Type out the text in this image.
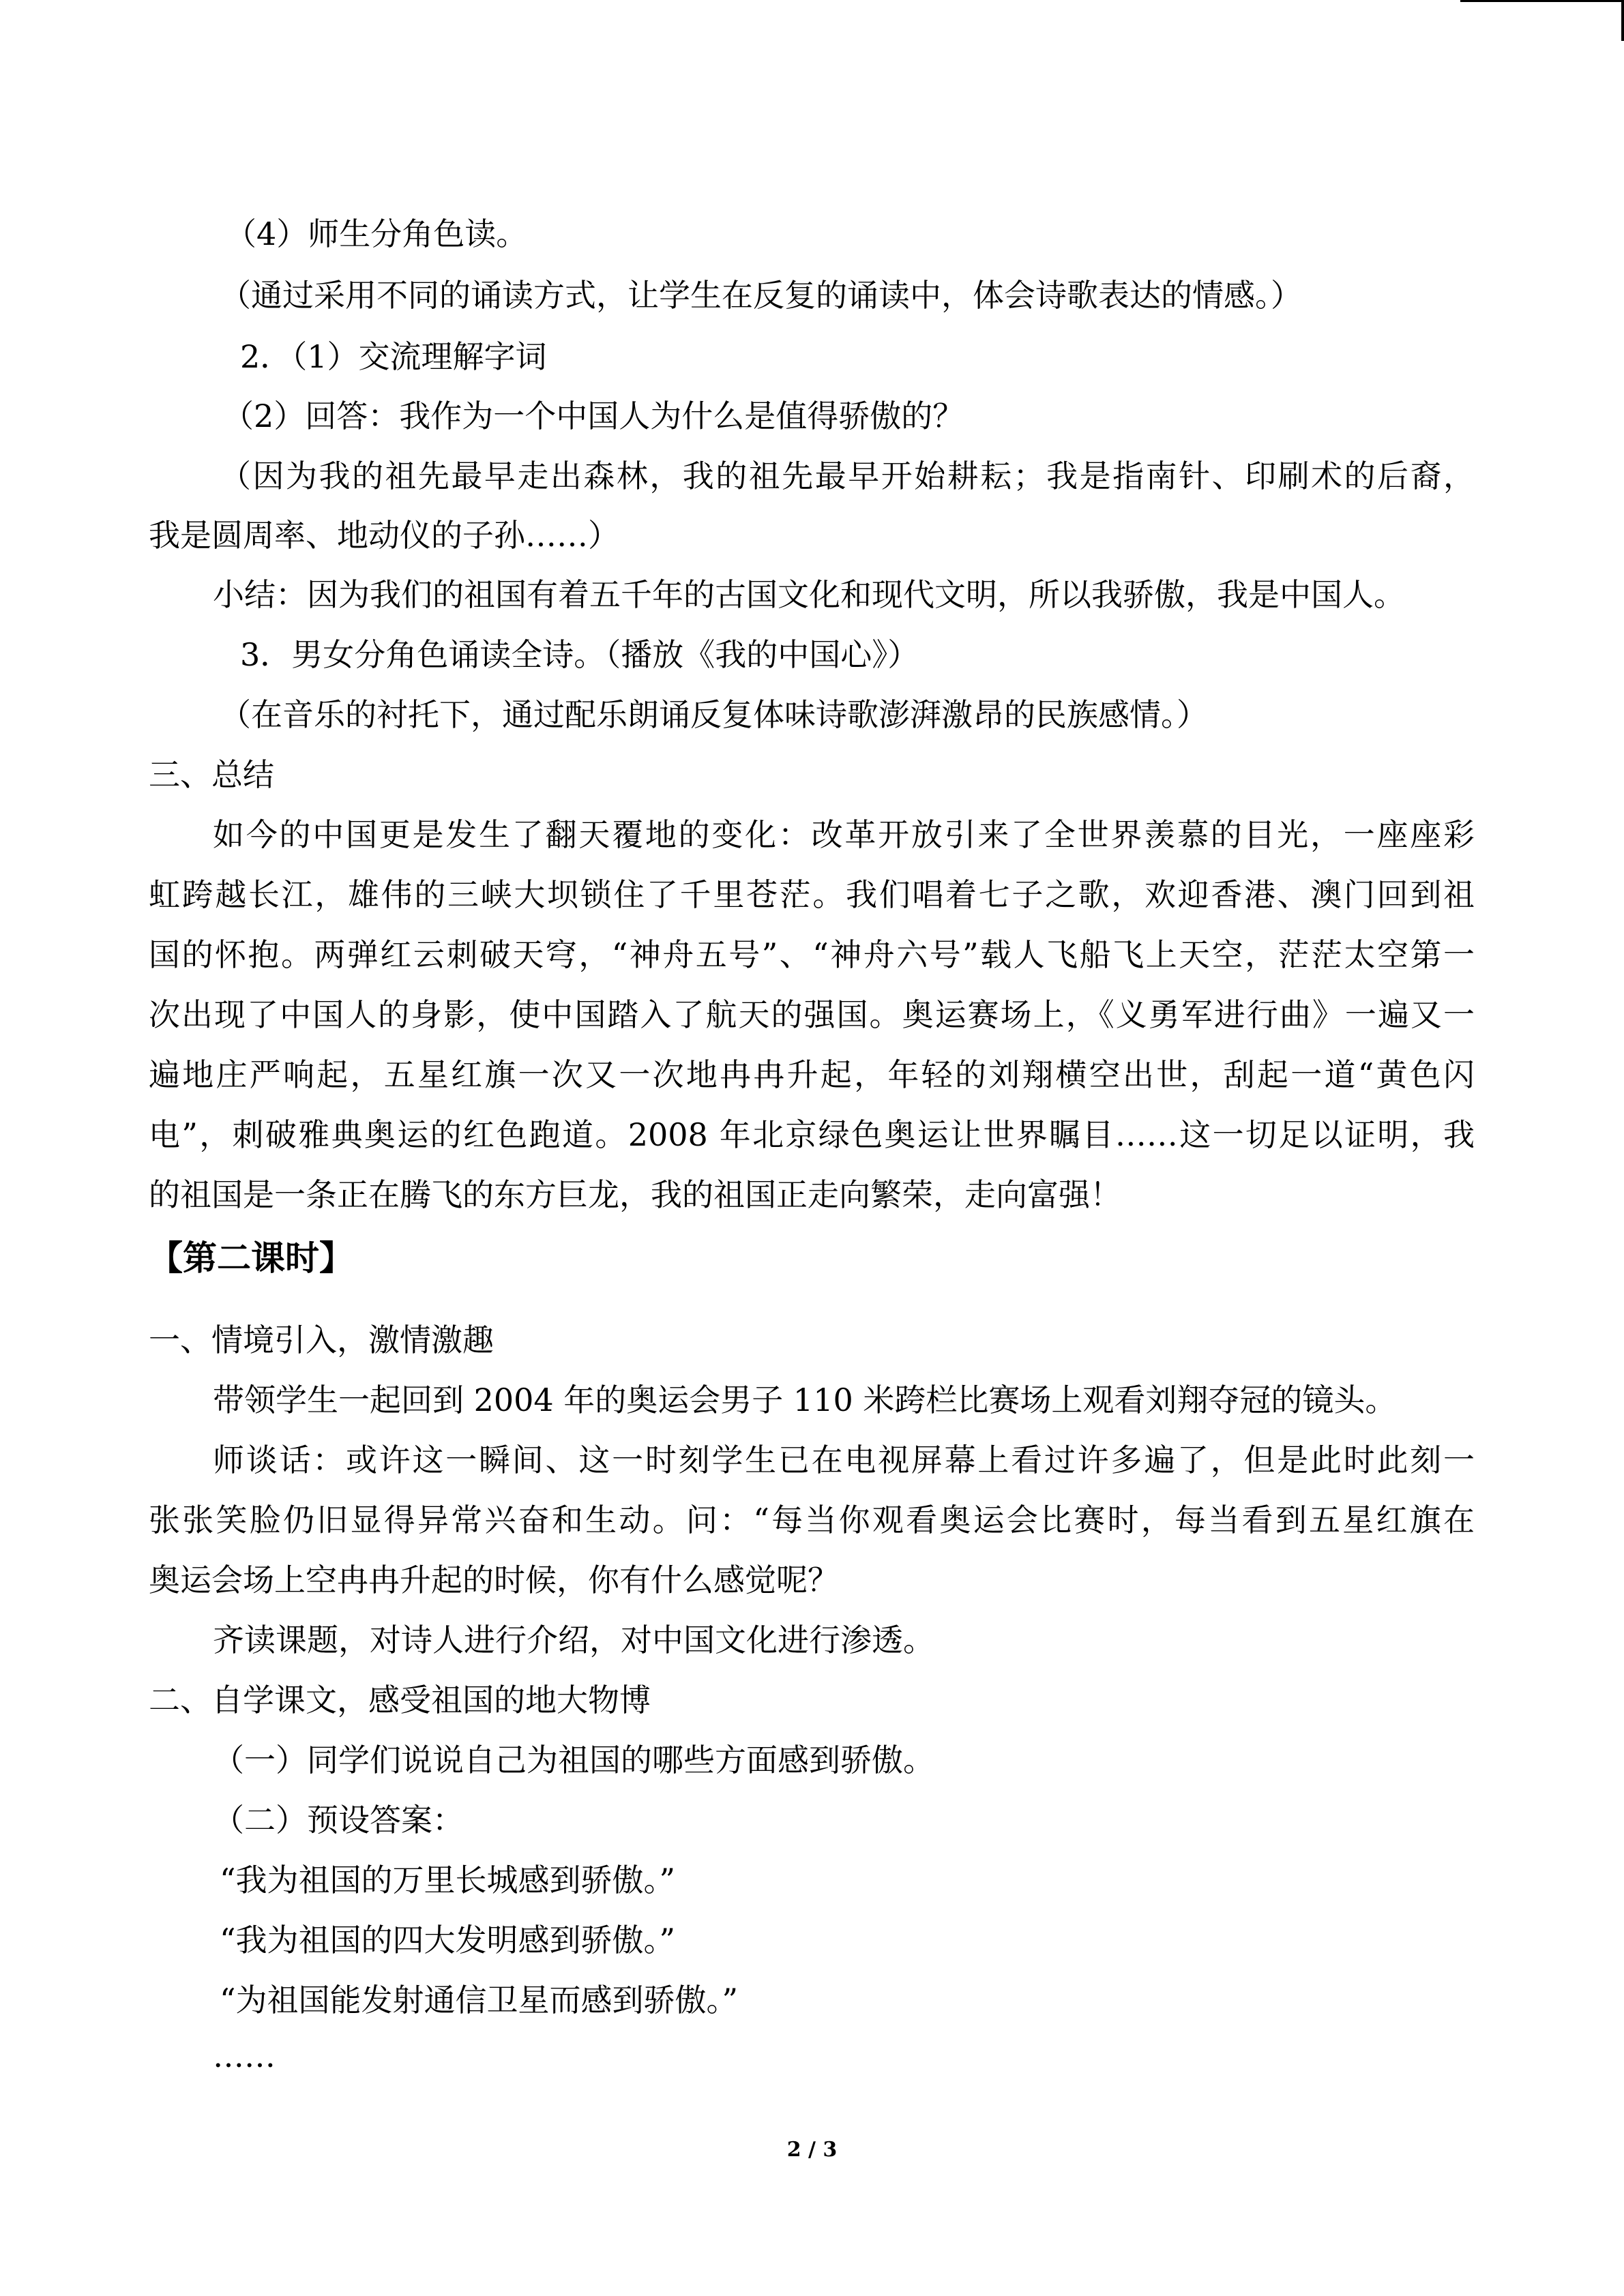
（4）师生分角色读。
（通过采用不同的诵读方式，让学生在反复的诵读中，体会诗歌表达的情感。）
2．（1）交流理解字词
（2）回答：我作为一个中国人为什么是值得骄傲的？
（因为我的祖先最早走出森林，我的祖先最早开始耕耘；我是指南针、印刷术的后裔，
我是圆周率、地动仪的子孙……）
小结：因为我们的祖国有着五千年的古国文化和现代文明，所以我骄傲，我是中国人。
3．男女分角色诵读全诗。（播放《我的中国心》）
（在音乐的衬托下，通过配乐朗诵反复体味诗歌澎湃激昂的民族感情。）
三、总结
如今的中国更是发生了翻天覆地的变化：改革开放引来了全世界羡慕的目光，一座座彩
虹跨越长江，雄伟的三峡大坝锁住了千里苍茫。我们唱着七子之歌，欢迎香港、澳门回到祖
国的怀抱。两弹红云刺破天穹，“神舟五号”、“神舟六号”载人飞船飞上天空，茫茫太空第一
次出现了中国人的身影，使中国踏入了航天的强国。奥运赛场上，《义勇军进行曲》一遍又一
遍地庄严响起，五星红旗一次又一次地冉冉升起，年轻的刘翔横空出世，刮起一道“黄色闪
电”，刺破雅典奥运的红色跑道。2008 年北京绿色奥运让世界瞩目……这一切足以证明，我
的祖国是一条正在腾飞的东方巨龙，我的祖国正走向繁荣，走向富强！
【第二课时】
一、情境引入，激情激趣
带领学生一起回到 2004 年的奥运会男子 110 米跨栏比赛场上观看刘翔夺冠的镜头。
师谈话：或许这一瞬间、这一时刻学生已在电视屏幕上看过许多遍了，但是此时此刻一
张张笑脸仍旧显得异常兴奋和生动。问：“每当你观看奥运会比赛时，每当看到五星红旗在
奥运会场上空冉冉升起的时候，你有什么感觉呢？
齐读课题，对诗人进行介绍，对中国文化进行渗透。
二、自学课文，感受祖国的地大物博
（一）同学们说说自己为祖国的哪些方面感到骄傲。
（二）预设答案：
“我为祖国的万里长城感到骄傲。”
“我为祖国的四大发明感到骄傲。”
“为祖国能发射通信卫星而感到骄傲。”
……
2 / 3
